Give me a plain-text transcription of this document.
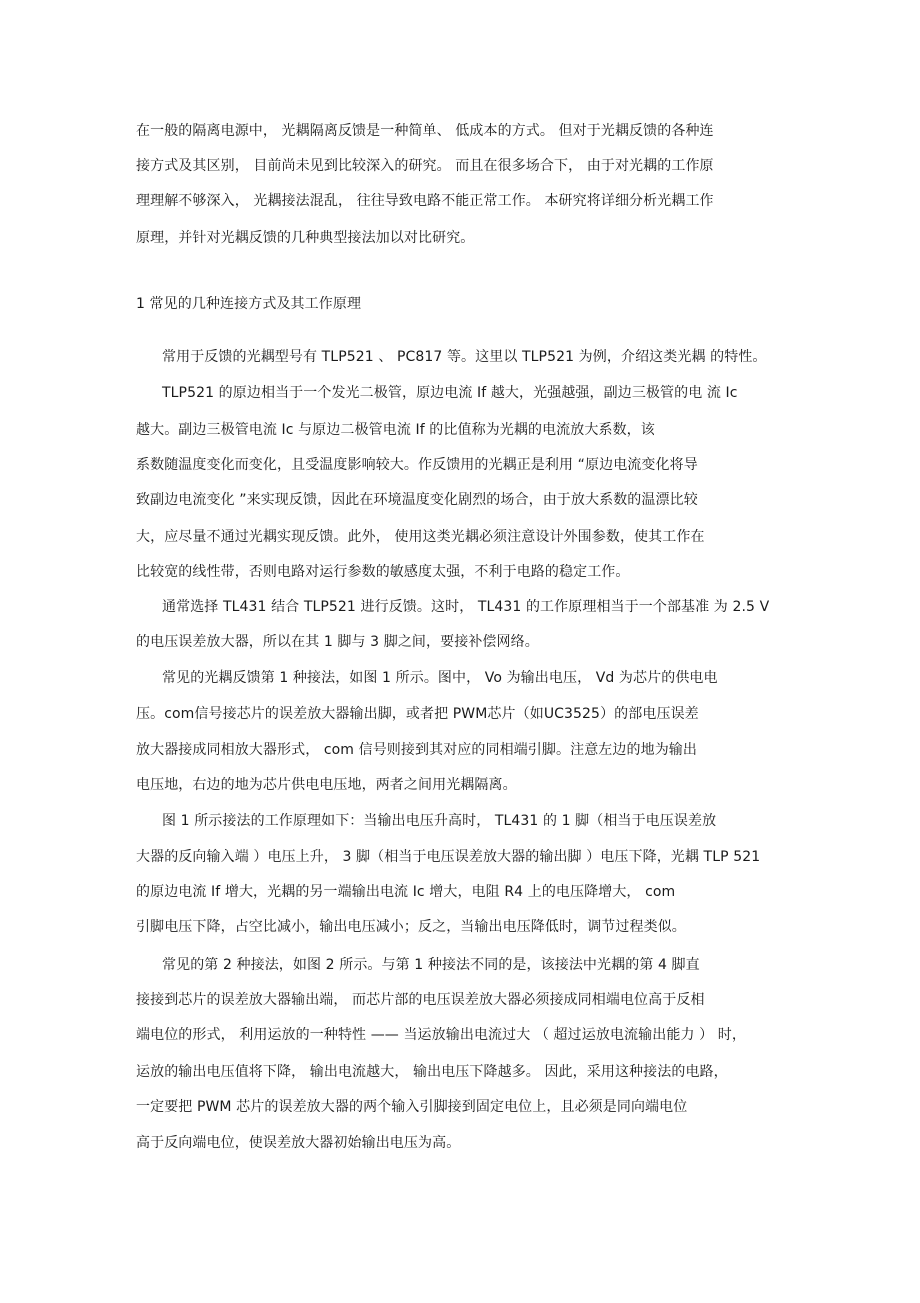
在一般的隔离电源中， 光耦隔离反馈是一种简单、 低成本的方式。 但对于光耦反馈的各种连
接方式及其区别， 目前尚未见到比较深入的研究。 而且在很多场合下， 由于对光耦的工作原
理理解不够深入， 光耦接法混乱， 往往导致电路不能正常工作。 本研究将详细分析光耦工作
原理，并针对光耦反馈的几种典型接法加以对比研究。
1 常见的几种连接方式及其工作原理
常用于反馈的光耦型号有 TLP521 、 PC817 等。这里以 TLP521 为例，介绍这类光耦 的特性。
TLP521 的原边相当于一个发光二极管，原边电流 If 越大，光强越强，副边三极管的电 流 Ic
越大。副边三极管电流 Ic 与原边二极管电流 If 的比值称为光耦的电流放大系数，该
系数随温度变化而变化，且受温度影响较大。作反馈用的光耦正是利用 “原边电流变化将导
致副边电流变化 ”来实现反馈，因此在环境温度变化剧烈的场合，由于放大系数的温漂比较
大，应尽量不通过光耦实现反馈。此外， 使用这类光耦必须注意设计外围参数，使其工作在
比较宽的线性带，否则电路对运行参数的敏感度太强，不利于电路的稳定工作。
通常选择 TL431 结合 TLP521 进行反馈。这时， TL431 的工作原理相当于一个部基准 为 2.5 V
的电压误差放大器，所以在其 1 脚与 3 脚之间，要接补偿网络。
常见的光耦反馈第 1 种接法，如图 1 所示。图中， Vo 为输出电压， Vd 为芯片的供电电
压。com信号接芯片的误差放大器输出脚，或者把 PWM芯片（如UC3525）的部电压误差
放大器接成同相放大器形式， com 信号则接到其对应的同相端引脚。注意左边的地为输出
电压地，右边的地为芯片供电电压地，两者之间用光耦隔离。
图 1 所示接法的工作原理如下：当输出电压升高时， TL431 的 1 脚（相当于电压误差放
大器的反向输入端 ）电压上升， 3 脚（相当于电压误差放大器的输出脚 ）电压下降，光耦 TLP 521
的原边电流 If 增大，光耦的另一端输出电流 Ic 增大，电阻 R4 上的电压降增大， com
引脚电压下降，占空比减小，输出电压减小；反之，当输出电压降低时，调节过程类似。
常见的第 2 种接法，如图 2 所示。与第 1 种接法不同的是，该接法中光耦的第 4 脚直
接接到芯片的误差放大器输出端， 而芯片部的电压误差放大器必须接成同相端电位高于反相
端电位的形式， 利用运放的一种特性 —— 当运放输出电流过大 （ 超过运放电流输出能力 ） 时，
运放的输出电压值将下降， 输出电流越大， 输出电压下降越多。 因此，采用这种接法的电路，
一定要把 PWM 芯片的误差放大器的两个输入引脚接到固定电位上，且必须是同向端电位
高于反向端电位，使误差放大器初始输出电压为高。
